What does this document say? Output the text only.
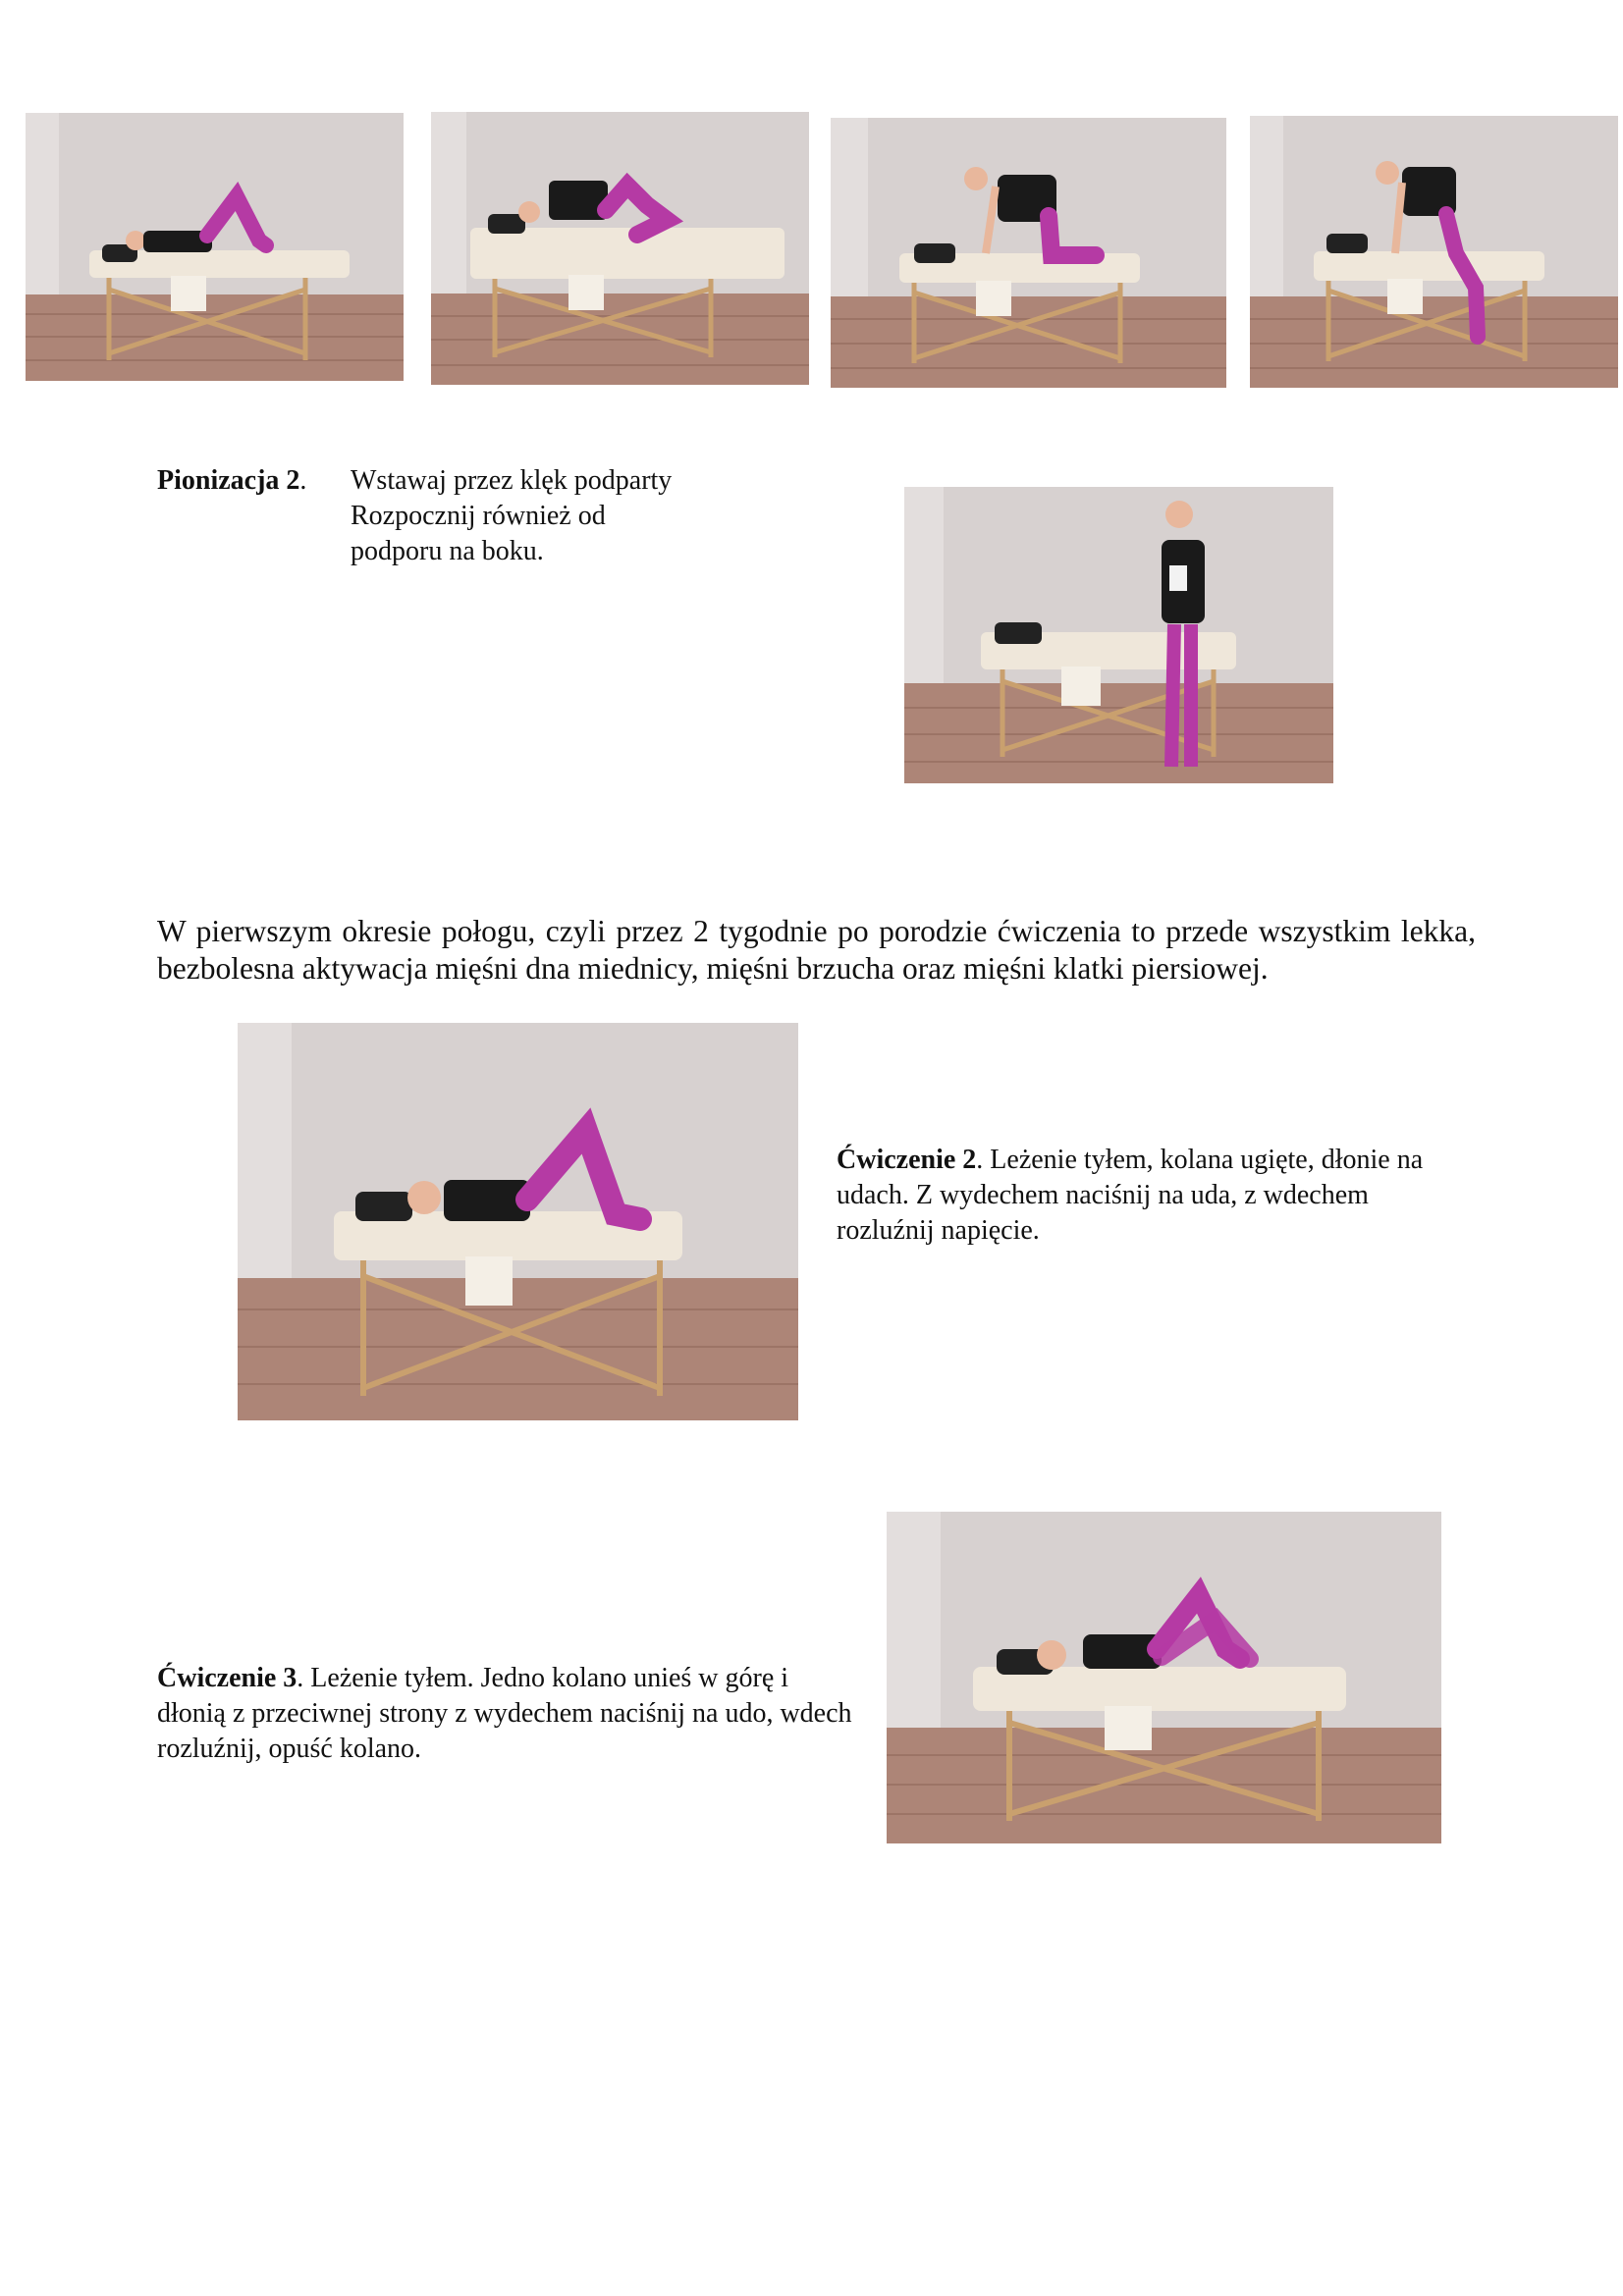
Pionizacja 2. Wstawaj przez klęk podparty
Rozpocznij również od
podporu na boku.
W pierwszym okresie połogu, czyli przez 2 tygodnie po porodzie ćwiczenia to przede wszystkim lekka, bezbolesna aktywacja mięśni dna miednicy, mięśni brzucha oraz mięśni klatki piersiowej.
Ćwiczenie 2. Leżenie tyłem, kolana ugięte, dłonie na udach. Z wydechem naciśnij na uda, z wdechem rozluźnij napięcie.
Ćwiczenie 3. Leżenie tyłem. Jedno kolano unieś w górę i dłonią z przeciwnej strony z wydechem naciśnij na udo, wdech rozluźnij, opuść kolano.
